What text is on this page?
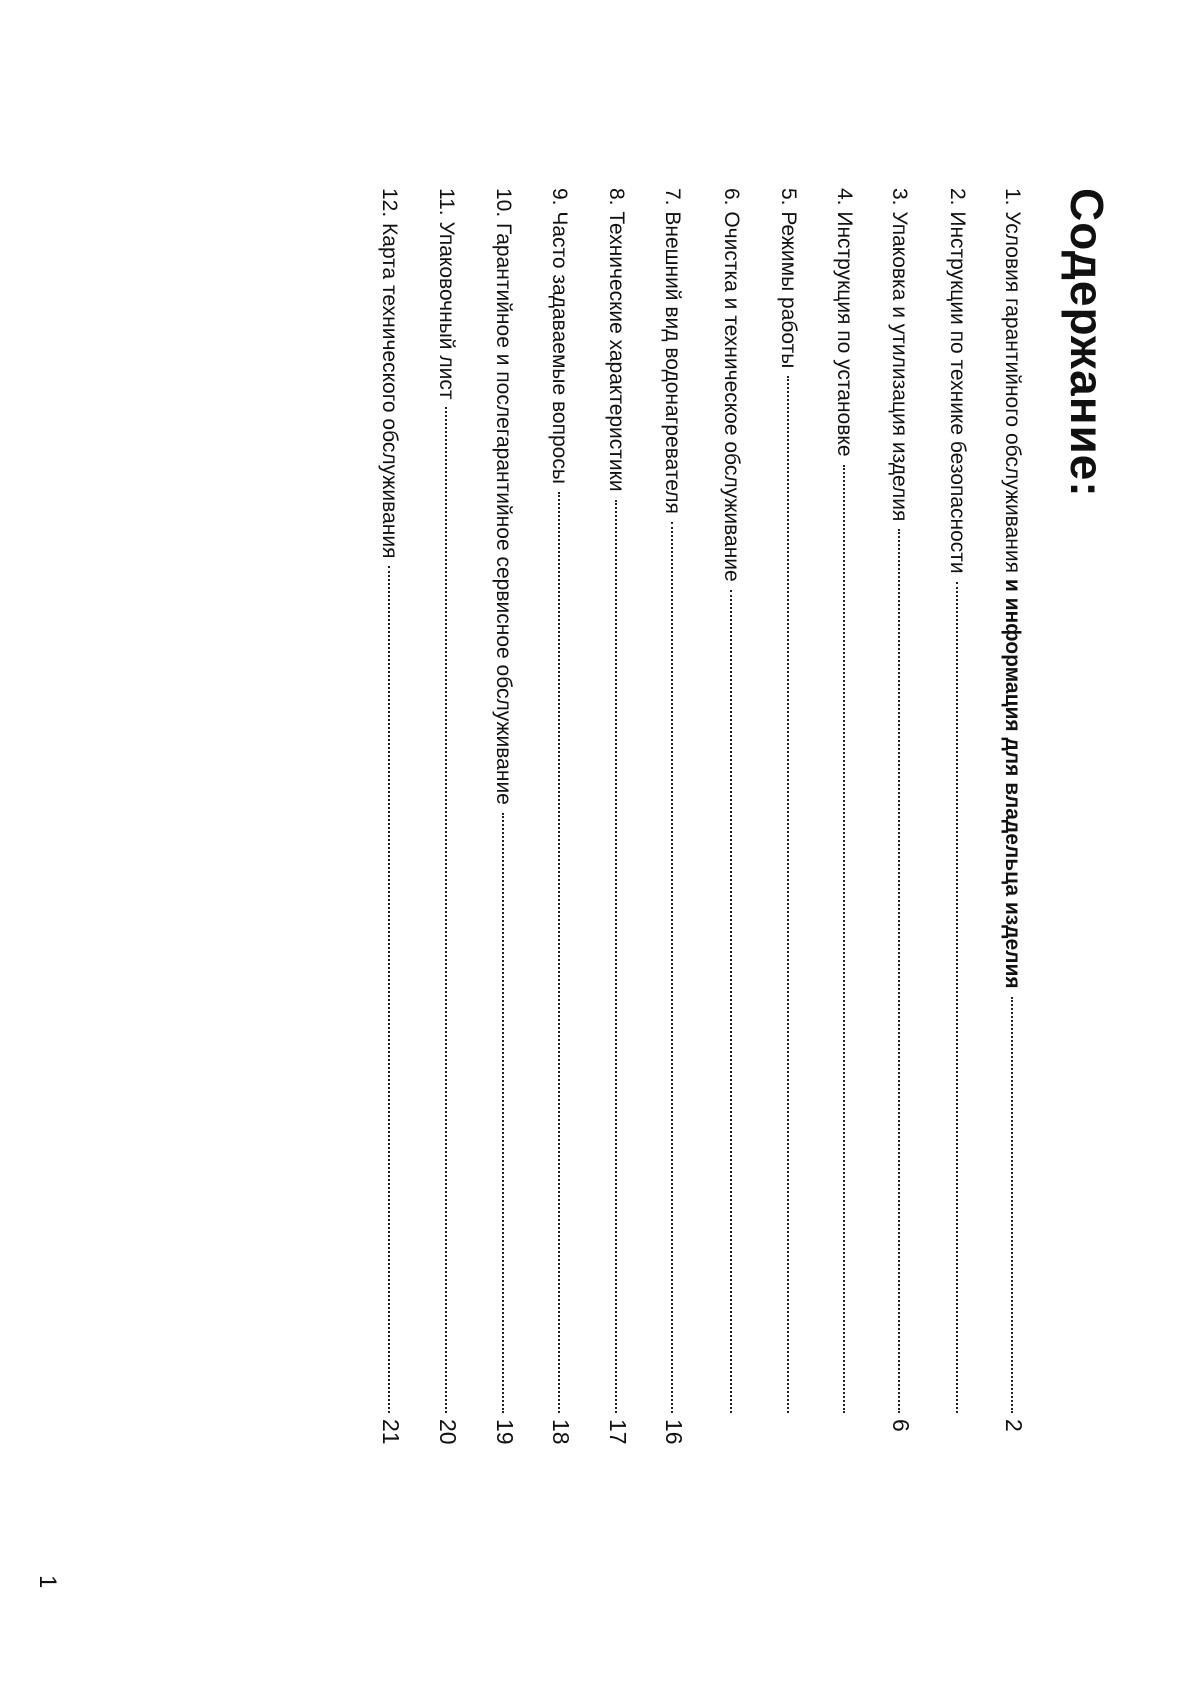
Содержание:
1. Условия гарантийного обслуживания и информация для владельца изделия
2
2. Инструкции по технике безопасности
3. Упаковка и утилизация изделия
6
4. Инструкция по установке
5. Режимы работы
6. Очистка и техническое обслуживание
7. Внешний вид водонагревателя
16
8. Технические характеристики
17
9. Часто задаваемые вопросы
18
10. Гарантийное и послегарантийное сервисное обслуживание
19
11. Упаковочный лист
20
12. Карта технического обслуживания
21
1
